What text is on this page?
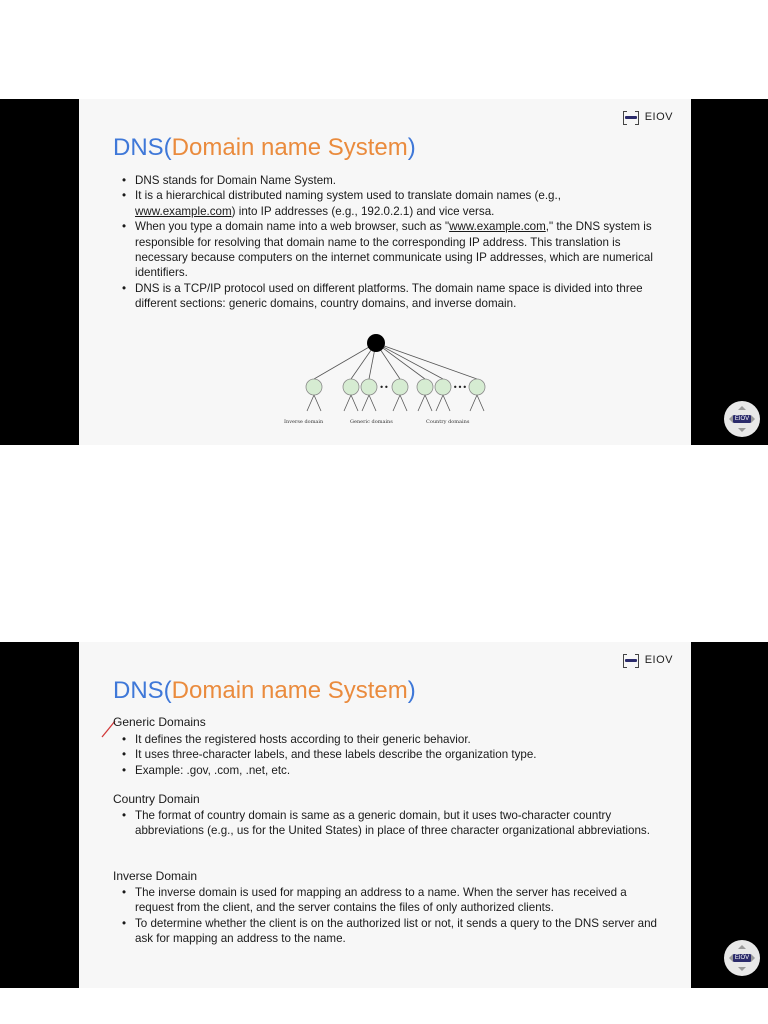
EIOV
DNS(Domain name System)
• DNS stands for Domain Name System.
• It is a hierarchical distributed naming system used to translate domain names (e.g., www.example.com) into IP addresses (e.g., 192.0.2.1) and vice versa.
• When you type a domain name into a web browser, such as "www.example.com," the DNS system is responsible for resolving that domain name to the corresponding IP address. This translation is necessary because computers on the internet communicate using IP addresses, which are numerical identifiers.
• DNS is a TCP/IP protocol used on different platforms. The domain name space is divided into three different sections: generic domains, country domains, and inverse domain.
••	•••
Inverse domain	Generic domains	Country domains	EIOV
EIOV
DNS(Domain name System)
Generic Domains
• It defines the registered hosts according to their generic behavior.
• It uses three-character labels, and these labels describe the organization type.
• Example: .gov, .com, .net, etc.
Country Domain
• The format of country domain is same as a generic domain, but it uses two-character country abbreviations (e.g., us for the United States) in place of three character organizational abbreviations.
Inverse Domain
• The inverse domain is used for mapping an address to a name. When the server has received a request from the client, and the server contains the files of only authorized clients.
• To determine whether the client is on the authorized list or not, it sends a query to the DNS server and ask for mapping an address to the name.
EIOV
